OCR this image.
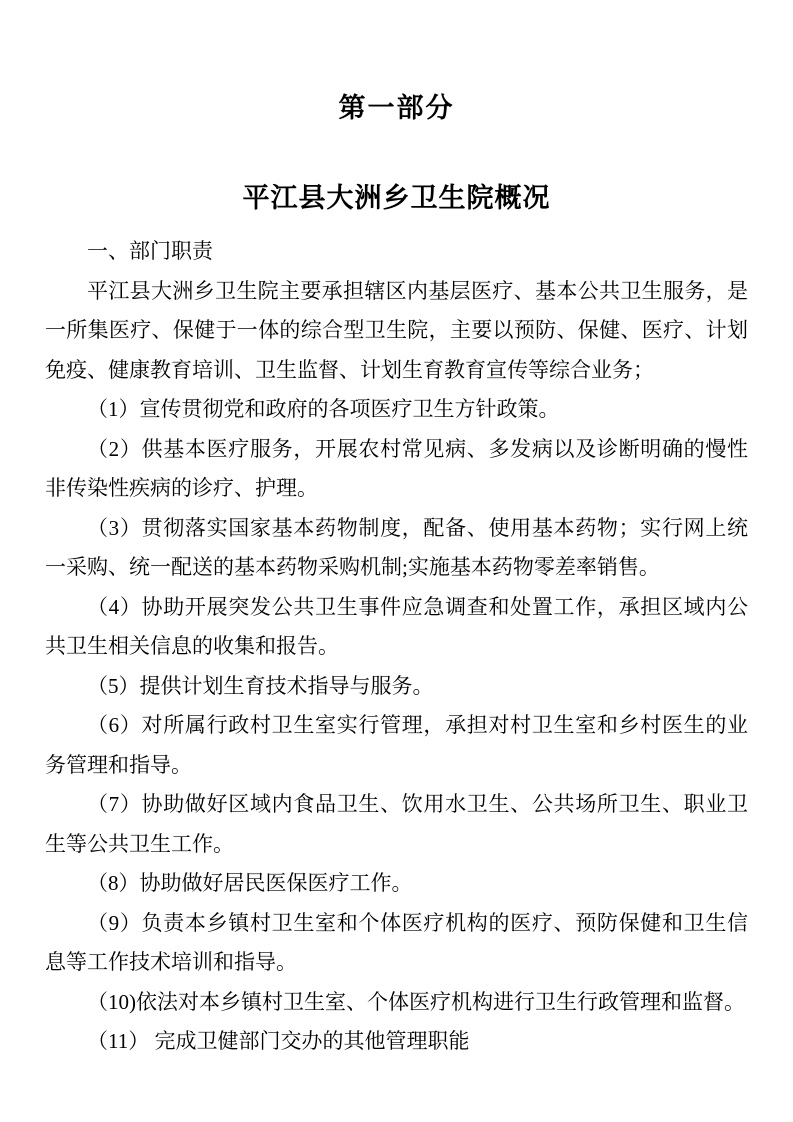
第一部分
平江县大洲乡卫生院概况
一、部门职责

平江县大洲乡卫生院主要承担辖区内基层医疗、基本公共卫生服务，是一所集医疗、保健于一体的综合型卫生院，主要以预防、保健、医疗、计划免疫、健康教育培训、卫生监督、计划生育教育宣传等综合业务；

（1）宣传贯彻党和政府的各项医疗卫生方针政策。

（2）供基本医疗服务，开展农村常见病、多发病以及诊断明确的慢性非传染性疾病的诊疗、护理。

（3）贯彻落实国家基本药物制度，配备、使用基本药物；实行网上统一采购、统一配送的基本药物采购机制;实施基本药物零差率销售。

（4）协助开展突发公共卫生事件应急调查和处置工作，承担区域内公共卫生相关信息的收集和报告。

（5）提供计划生育技术指导与服务。

（6）对所属行政村卫生室实行管理，承担对村卫生室和乡村医生的业务管理和指导。

（7）协助做好区域内食品卫生、饮用水卫生、公共场所卫生、职业卫生等公共卫生工作。

（8）协助做好居民医保医疗工作。

（9）负责本乡镇村卫生室和个体医疗机构的医疗、预防保健和卫生信息等工作技术培训和指导。

（10)依法对本乡镇村卫生室、个体医疗机构进行卫生行政管理和监督。

（11） 完成卫健部门交办的其他管理职能
